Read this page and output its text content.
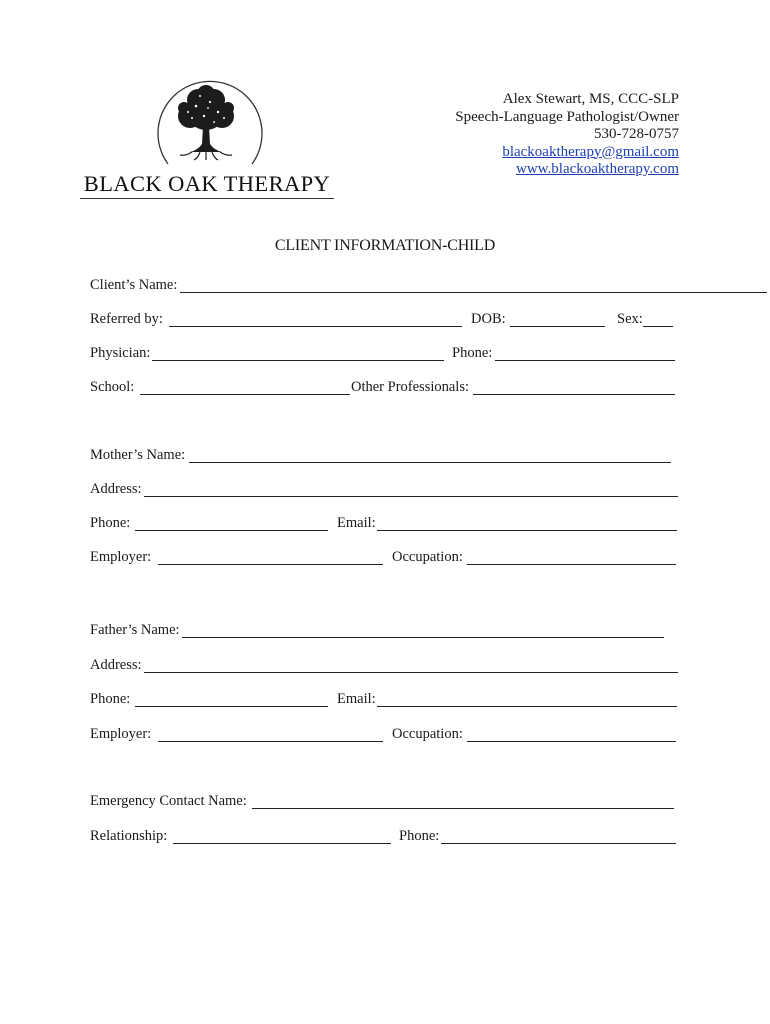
BLACK OAK THERAPY
Alex Stewart, MS, CCC-SLP
Speech-Language Pathologist/Owner
530-728-0757
blackoaktherapy@gmail.com
www.blackoaktherapy.com
CLIENT INFORMATION-CHILD
Client’s Name:
Referred by:	DOB:	Sex:
Physician:	Phone:
School:	Other Professionals:
Mother’s Name:
Address:
Phone:	Email:
Employer:	Occupation:
Father’s Name:
Address:
Phone:	Email:
Employer:	Occupation:
Emergency Contact Name:
Relationship:	Phone:
